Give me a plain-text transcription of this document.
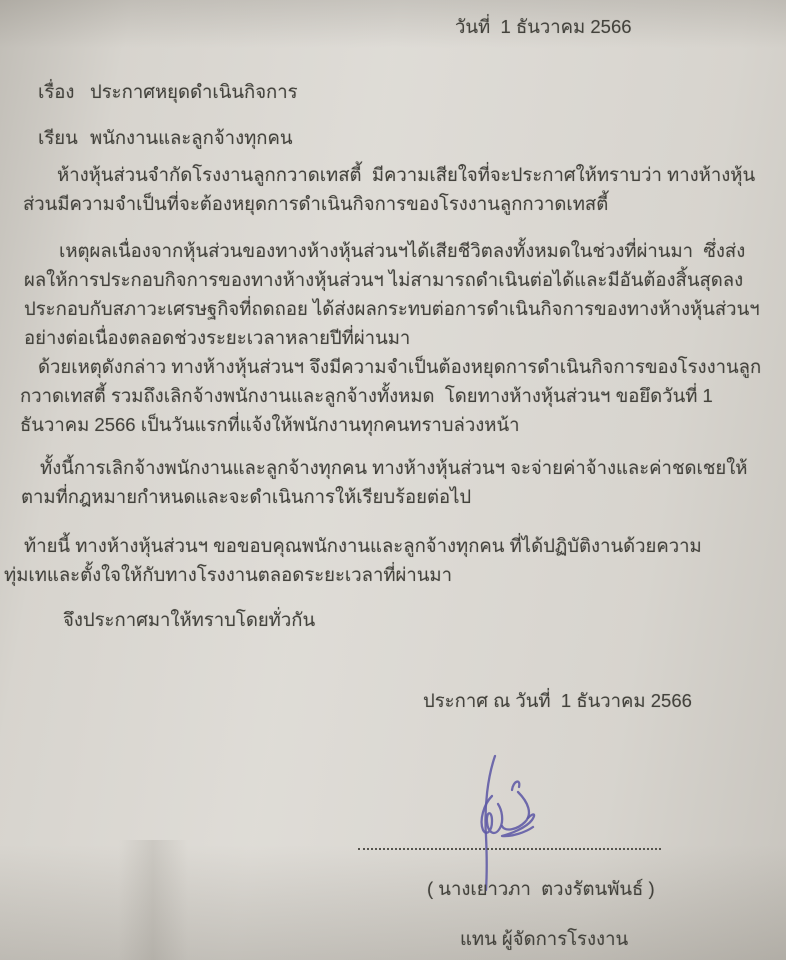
วันที่  1 ธันวาคม 2566
เรื่อง ประกาศหยุดดำเนินกิจการ
เรียน พนักงานและลูกจ้างทุกคน

ห้างหุ้นส่วนจำกัดโรงงานลูกกวาดเทสตี้  มีความเสียใจที่จะประกาศให้ทราบว่า ทางห้างหุ้นส่วนมีความจำเป็นที่จะต้องหยุดการดำเนินกิจการของโรงงานลูกกวาดเทสตี้

เหตุผลเนื่องจากหุ้นส่วนของทางห้างหุ้นส่วนฯได้เสียชีวิตลงทั้งหมดในช่วงที่ผ่านมา  ซึ่งส่งผลให้การประกอบกิจการของทางห้างหุ้นส่วนฯ ไม่สามารถดำเนินต่อได้และมีอันต้องสิ้นสุดลง  ประกอบกับสภาวะเศรษฐกิจที่ถดถอย ได้ส่งผลกระทบต่อการดำเนินกิจการของทางห้างหุ้นส่วนฯ อย่างต่อเนื่องตลอดช่วงระยะเวลาหลายปีที่ผ่านมา

ด้วยเหตุดังกล่าว ทางห้างหุ้นส่วนฯ จึงมีความจำเป็นต้องหยุดการดำเนินกิจการของโรงงานลูกกวาดเทสตี้ รวมถึงเลิกจ้างพนักงานและลูกจ้างทั้งหมด  โดยทางห้างหุ้นส่วนฯ ขอยึดวันที่ 1 ธันวาคม 2566 เป็นวันแรกที่แจ้งให้พนักงานทุกคนทราบล่วงหน้า

ทั้งนี้การเลิกจ้างพนักงานและลูกจ้างทุกคน ทางห้างหุ้นส่วนฯ จะจ่ายค่าจ้างและค่าชดเชยให้ตามที่กฎหมายกำหนดและจะดำเนินการให้เรียบร้อยต่อไป

ท้ายนี้ ทางห้างหุ้นส่วนฯ ขอขอบคุณพนักงานและลูกจ้างทุกคน ที่ได้ปฏิบัติงานด้วยความทุ่มเทและตั้งใจให้กับทางโรงงานตลอดระยะเวลาที่ผ่านมา

จึงประกาศมาให้ทราบโดยทั่วกัน

ประกาศ ณ วันที่  1 ธันวาคม 2566
( นางเยาวภา  ตวงรัตนพันธ์ )
แทน ผู้จัดการโรงงาน
